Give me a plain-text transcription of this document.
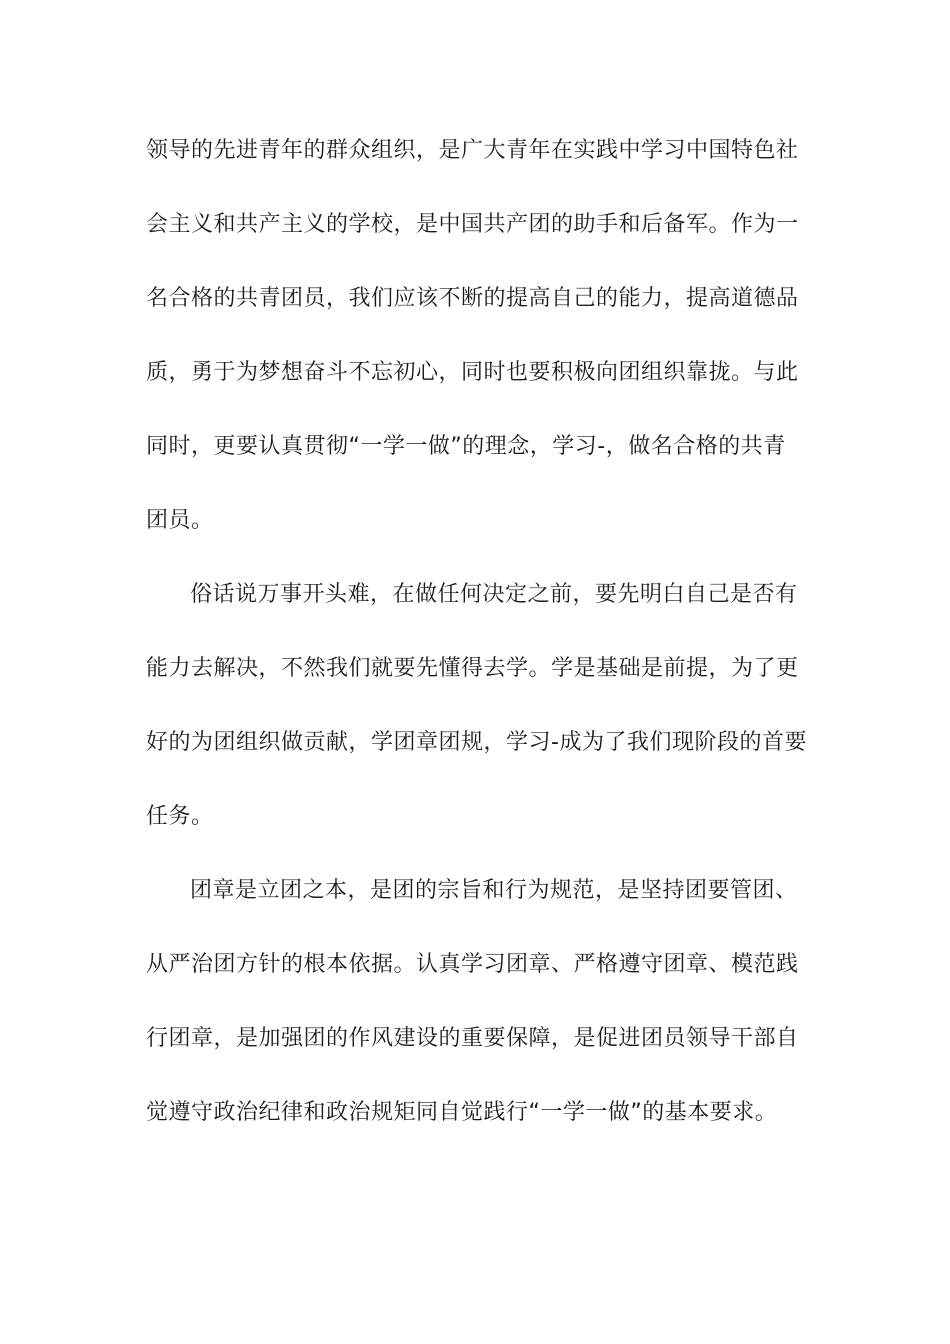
领导的先进青年的群众组织，是广大青年在实践中学习中国特色社
会主义和共产主义的学校，是中国共产团的助手和后备军。作为一
名合格的共青团员，我们应该不断的提高自己的能力，提高道德品
质，勇于为梦想奋斗不忘初心，同时也要积极向团组织靠拢。与此
同时，更要认真贯彻“一学一做”的理念，学习-，做名合格的共青
团员。
俗话说万事开头难，在做任何决定之前，要先明白自己是否有
能力去解决，不然我们就要先懂得去学。学是基础是前提，为了更
好的为团组织做贡献，学团章团规，学习-成为了我们现阶段的首要
任务。
团章是立团之本，是团的宗旨和行为规范，是坚持团要管团、
从严治团方针的根本依据。认真学习团章、严格遵守团章、模范践
行团章，是加强团的作风建设的重要保障，是促进团员领导干部自
觉遵守政治纪律和政治规矩同自觉践行“一学一做”的基本要求。
